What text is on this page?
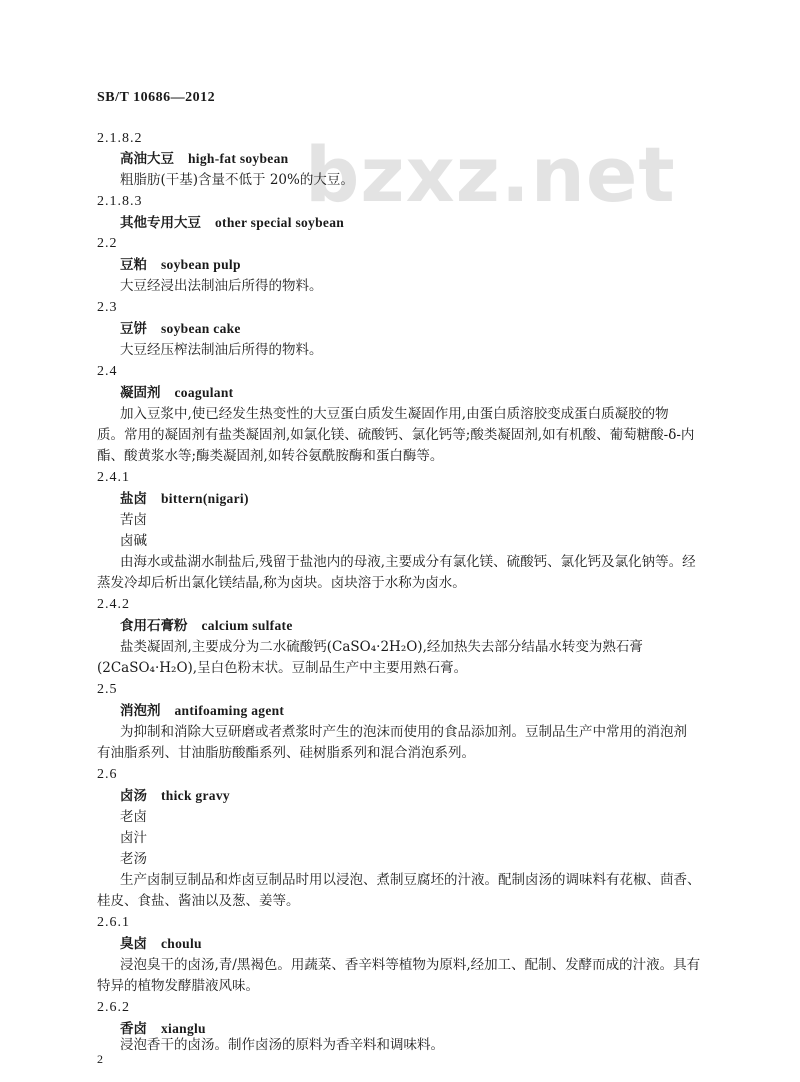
bzxz.net
SB/T 10686—2012
2.1.8.2
高油大豆 high-fat soybean
粗脂肪(干基)含量不低于 20%的大豆。
2.1.8.3
其他专用大豆 other special soybean
2.2
豆粕 soybean pulp
大豆经浸出法制油后所得的物料。
2.3
豆饼 soybean cake
大豆经压榨法制油后所得的物料。
2.4
凝固剂 coagulant
加入豆浆中,使已经发生热变性的大豆蛋白质发生凝固作用,由蛋白质溶胶变成蛋白质凝胶的物
质。常用的凝固剂有盐类凝固剂,如氯化镁、硫酸钙、氯化钙等;酸类凝固剂,如有机酸、葡萄糖酸-δ-内
酯、酸黄浆水等;酶类凝固剂,如转谷氨酰胺酶和蛋白酶等。
2.4.1
盐卤 bittern(nigari)
苦卤
卤碱
由海水或盐湖水制盐后,残留于盐池内的母液,主要成分有氯化镁、硫酸钙、氯化钙及氯化钠等。经
蒸发冷却后析出氯化镁结晶,称为卤块。卤块溶于水称为卤水。
2.4.2
食用石膏粉 calcium sulfate
盐类凝固剂,主要成分为二水硫酸钙(CaSO₄·2H₂O),经加热失去部分结晶水转变为熟石膏
(2CaSO₄·H₂O),呈白色粉末状。豆制品生产中主要用熟石膏。
2.5
消泡剂 antifoaming agent
为抑制和消除大豆研磨或者煮浆时产生的泡沫而使用的食品添加剂。豆制品生产中常用的消泡剂
有油脂系列、甘油脂肪酸酯系列、硅树脂系列和混合消泡系列。
2.6
卤汤 thick gravy
老卤
卤汁
老汤
生产卤制豆制品和炸卤豆制品时用以浸泡、煮制豆腐坯的汁液。配制卤汤的调味料有花椒、茴香、
桂皮、食盐、酱油以及葱、姜等。
2.6.1
臭卤 choulu
浸泡臭干的卤汤,青/黑褐色。用蔬菜、香辛料等植物为原料,经加工、配制、发酵而成的汁液。具有
特异的植物发酵腊液风味。
2.6.2
香卤 xianglu
浸泡香干的卤汤。制作卤汤的原料为香辛料和调味料。
2
